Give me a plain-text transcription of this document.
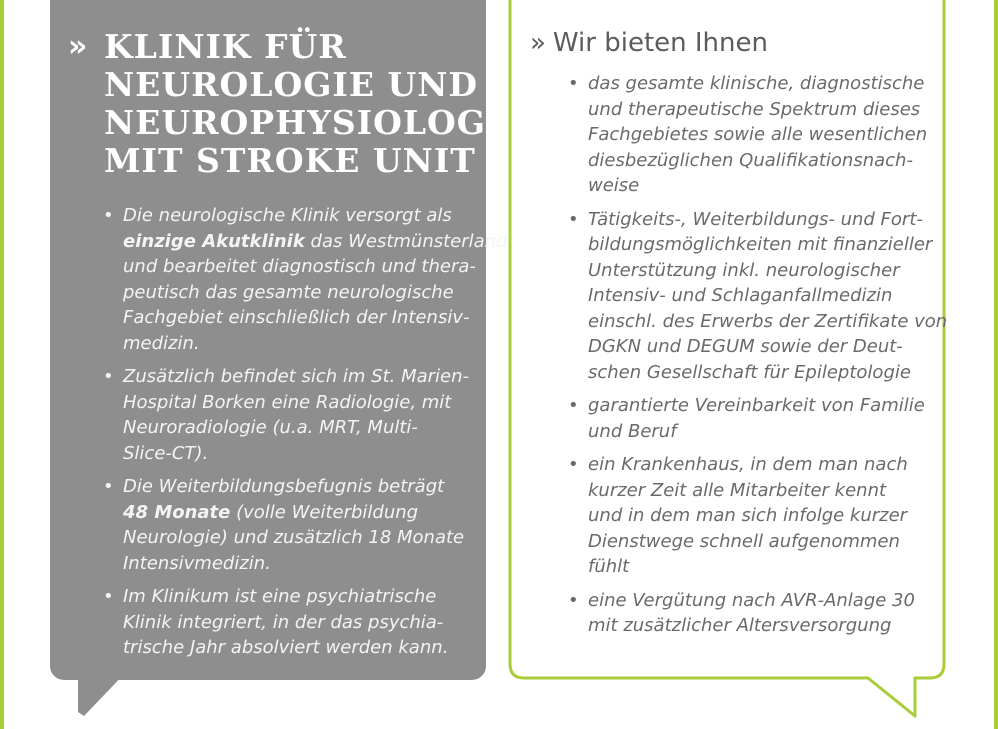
» KLINIK FÜR
NEUROLOGIE UND
NEUROPHYSIOLOGIE
MIT STROKE UNIT
• Die neurologische Klinik versorgt als
einzige Akutklinik das Westmünsterland
und bearbeitet diagnostisch und thera-
peutisch das gesamte neurologische
Fachgebiet einschließlich der Intensiv-
medizin.
• Zusätzlich befindet sich im St. Marien-
Hospital Borken eine Radiologie, mit
Neuroradiologie (u.a. MRT, Multi-
Slice-CT).
• Die Weiterbildungsbefugnis beträgt
48 Monate (volle Weiterbildung
Neurologie) und zusätzlich 18 Monate
Intensivmedizin.
• Im Klinikum ist eine psychiatrische
Klinik integriert, in der das psychia-
trische Jahr absolviert werden kann.
» Wir bieten Ihnen
• das gesamte klinische, diagnostische
und therapeutische Spektrum dieses
Fachgebietes sowie alle wesentlichen
diesbezüglichen Qualifikationsnach-
weise
• Tätigkeits-, Weiterbildungs- und Fort-
bildungsmöglichkeiten mit finanzieller
Unterstützung inkl. neurologischer
Intensiv- und Schlaganfallmedizin
einschl. des Erwerbs der Zertifikate von
DGKN und DEGUM sowie der Deut-
schen Gesellschaft für Epileptologie
• garantierte Vereinbarkeit von Familie
und Beruf
• ein Krankenhaus, in dem man nach
kurzer Zeit alle Mitarbeiter kennt
und in dem man sich infolge kurzer
Dienstwege schnell aufgenommen
fühlt
• eine Vergütung nach AVR-Anlage 30
mit zusätzlicher Altersversorgung
